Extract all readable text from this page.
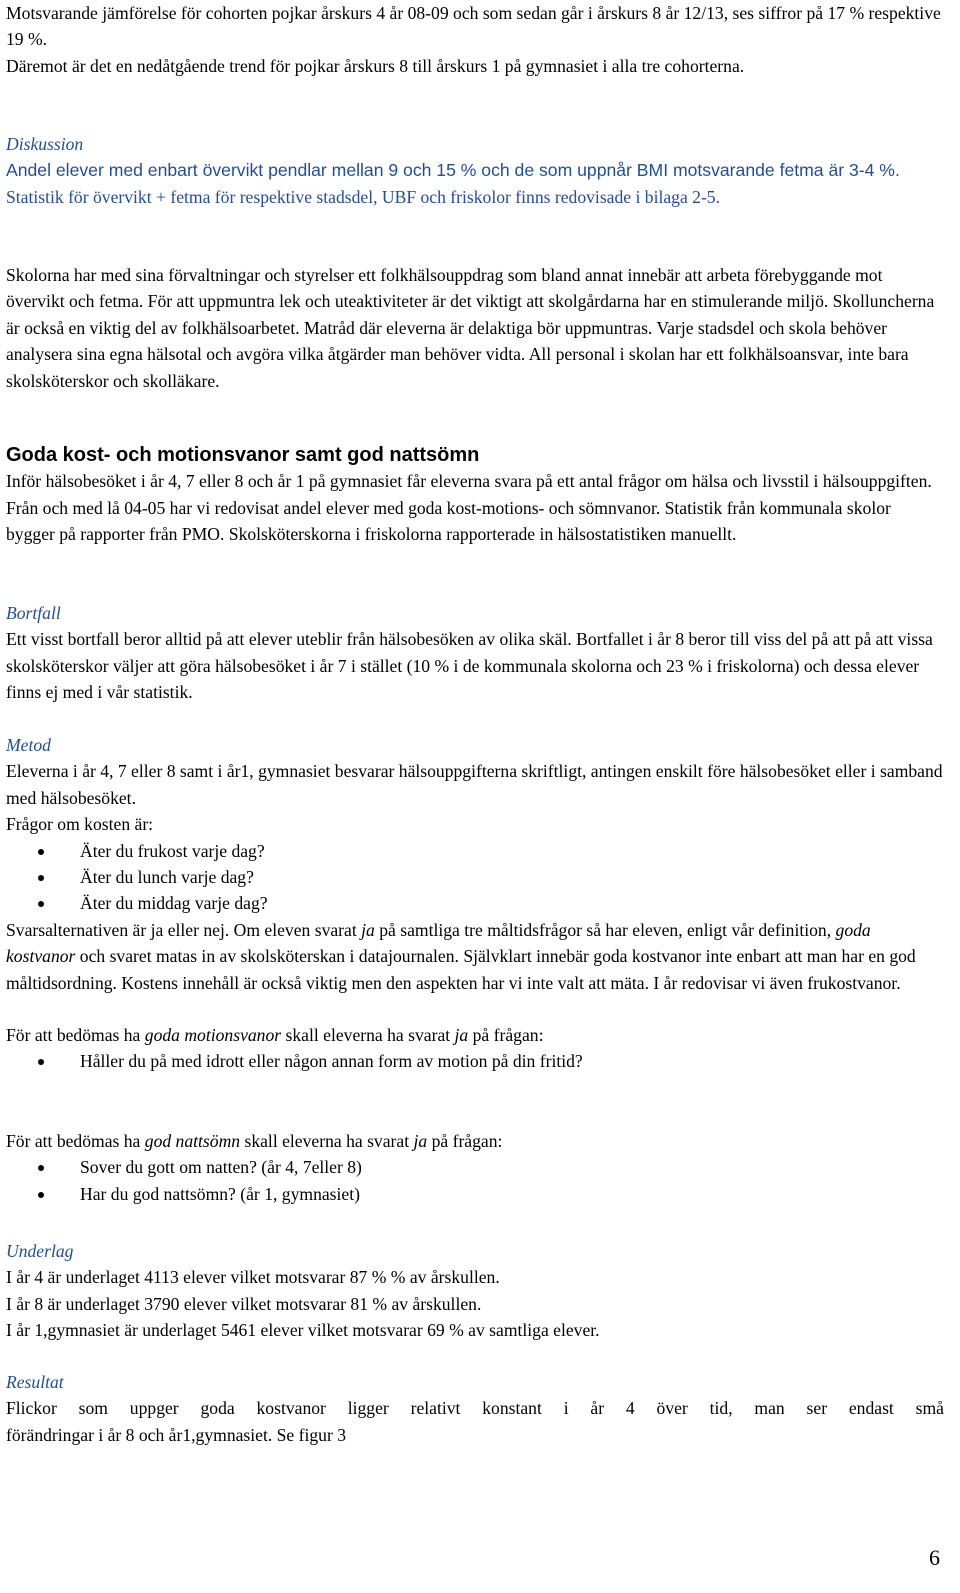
Motsvarande jämförelse för cohorten pojkar årskurs 4 år 08-09 och som sedan går i årskurs 8 år 12/13, ses siffror på 17 % respektive 19 %.

Däremot är det en nedåtgående trend för pojkar årskurs 8 till årskurs 1 på gymnasiet i alla tre cohorterna.

Diskussion

Andel elever med enbart övervikt pendlar mellan 9 och 15 % och de som uppnår BMI motsvarande fetma är 3-4 %.

Statistik för övervikt + fetma för respektive stadsdel, UBF och friskolor finns redovisade i bilaga 2-5.

Skolorna har med sina förvaltningar och styrelser ett folkhälsouppdrag som bland annat innebär att arbeta förebyggande mot övervikt och fetma. För att uppmuntra lek och uteaktiviteter är det viktigt att skolgårdarna har en stimulerande miljö. Skolluncherna är också en viktig del av folkhälsoarbetet. Matråd där eleverna är delaktiga bör uppmuntras. Varje stadsdel och skola behöver analysera sina egna hälsotal och avgöra vilka åtgärder man behöver vidta. All personal i skolan har ett folkhälsoansvar, inte bara skolsköterskor och skolläkare.

Goda kost- och motionsvanor samt god nattsömn

Inför hälsobesöket i år 4, 7 eller 8 och år 1 på gymnasiet får eleverna svara på ett antal frågor om hälsa och livsstil i hälsouppgiften. Från och med lå 04-05 har vi redovisat andel elever med goda kost-motions- och sömnvanor. Statistik från kommunala skolor bygger på rapporter från PMO. Skolsköterskorna i friskolorna rapporterade in hälsostatistiken manuellt.

Bortfall

Ett visst bortfall beror alltid på att elever uteblir från hälsobesöken av olika skäl. Bortfallet i år 8 beror till viss del på att på att vissa skolsköterskor väljer att göra hälsobesöket i år 7 i stället (10 % i de kommunala skolorna och 23 % i friskolorna) och dessa elever finns ej med i vår statistik.

Metod

Eleverna i år 4, 7 eller 8 samt i år1, gymnasiet besvarar hälsouppgifterna skriftligt, antingen enskilt före hälsobesöket eller i samband med hälsobesöket.

Frågor om kosten är:

Äter du frukost varje dag?
Äter du lunch varje dag?
Äter du middag varje dag?

Svarsalternativen är ja eller nej. Om eleven svarat ja på samtliga tre måltidsfrågor så har eleven, enligt vår definition, goda kostvanor och svaret matas in av skolsköterskan i datajournalen. Självklart innebär goda kostvanor inte enbart att man har en god måltidsordning. Kostens innehåll är också viktig men den aspekten har vi inte valt att mäta. I år redovisar vi även frukostvanor.

För att bedömas ha goda motionsvanor skall eleverna ha svarat ja på frågan:

Håller du på med idrott eller någon annan form av motion på din fritid?

För att bedömas ha god nattsömn skall eleverna ha svarat ja på frågan:

Sover du gott om natten? (år 4, 7eller 8)
Har du god nattsömn? (år 1, gymnasiet)

Underlag

I år 4 är underlaget 4113 elever vilket motsvarar 87 % % av årskullen.

I år 8 är underlaget 3790 elever vilket motsvarar 81 % av årskullen.

I år 1,gymnasiet är underlaget 5461 elever vilket motsvarar 69 % av samtliga elever.

Resultat

Flickor som uppger goda kostvanor ligger relativt konstant i år 4 över tid, man ser endast små

förändringar i år 8 och år1,gymnasiet. Se figur 3

6
